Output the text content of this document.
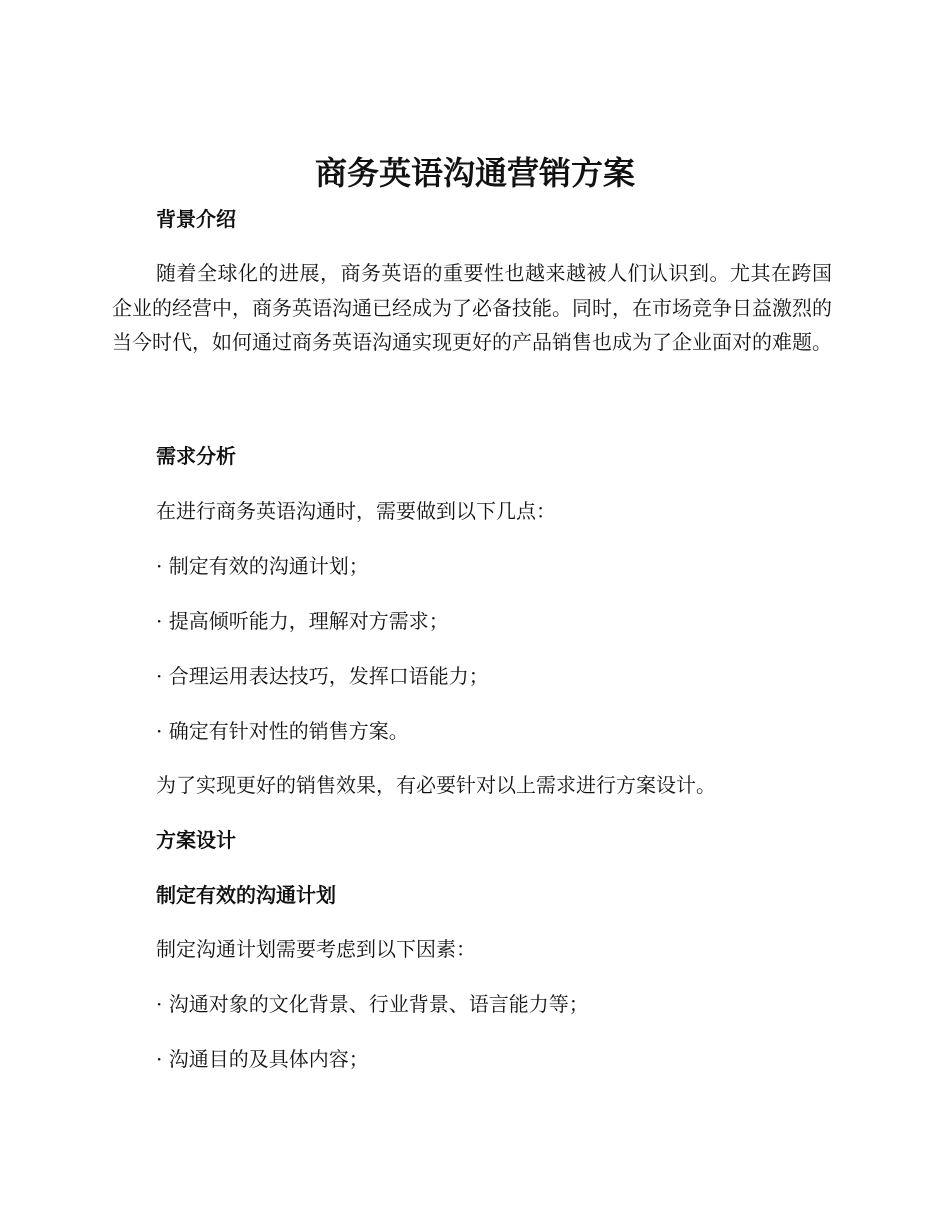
商务英语沟通营销方案
背景介绍

随着全球化的进展，商务英语的重要性也越来越被人们认识到。尤其在跨国企业的经营中，商务英语沟通已经成为了必备技能。同时，在市场竞争日益激烈的当今时代，如何通过商务英语沟通实现更好的产品销售也成为了企业面对的难题。

需求分析

在进行商务英语沟通时，需要做到以下几点：

· 制定有效的沟通计划；

· 提高倾听能力，理解对方需求；

· 合理运用表达技巧，发挥口语能力；

· 确定有针对性的销售方案。

为了实现更好的销售效果，有必要针对以上需求进行方案设计。

方案设计
制定有效的沟通计划

制定沟通计划需要考虑到以下因素：

· 沟通对象的文化背景、行业背景、语言能力等；

· 沟通目的及具体内容；
